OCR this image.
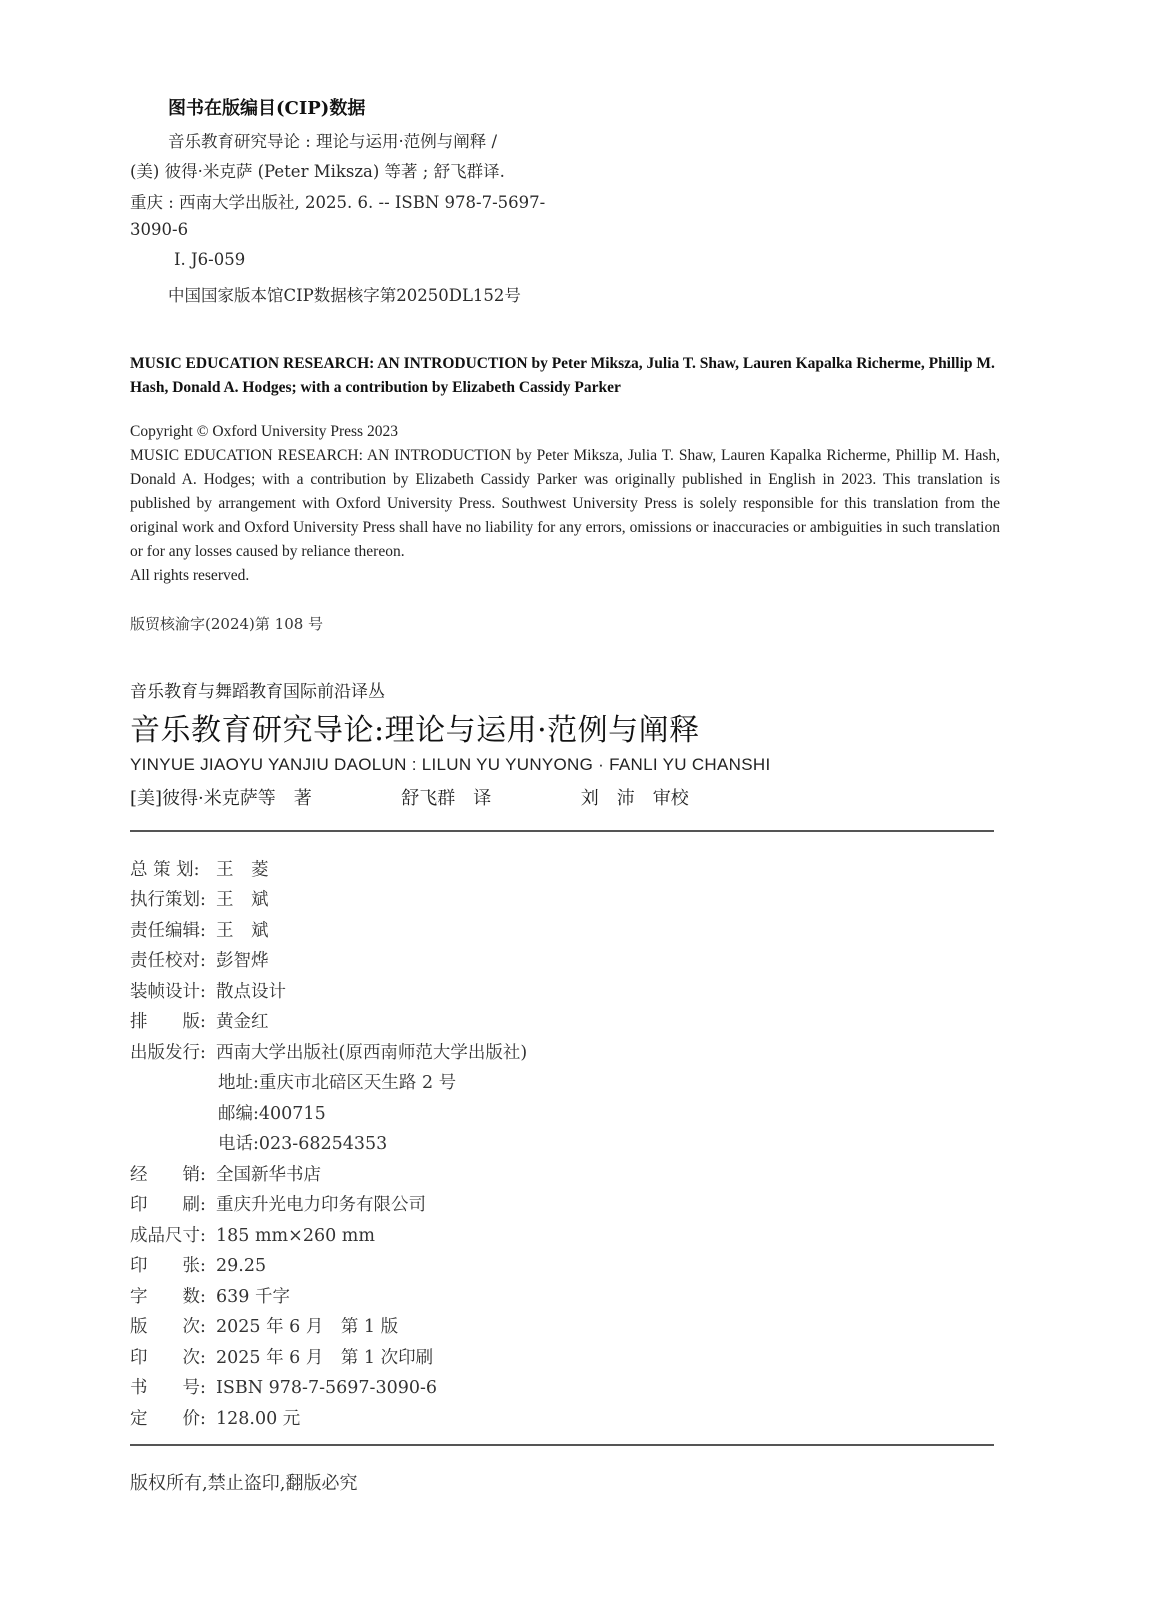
图书在版编目(CIP)数据
音乐教育研究导论 : 理论与运用·范例与阐释 /
(美) 彼得·米克萨 (Peter Miksza) 等著 ; 舒飞群译.
重庆 : 西南大学出版社, 2025. 6. -- ISBN 978-7-5697-
3090-6
Ⅰ. J6-059
中国国家版本馆CIP数据核字第20250DL152号
MUSIC EDUCATION RESEARCH: AN INTRODUCTION by Peter Miksza, Julia T. Shaw, Lauren Kapalka Richerme, Phillip M. Hash, Donald A. Hodges; with a contribution by Elizabeth Cassidy Parker

Copyright © Oxford University Press 2023

MUSIC EDUCATION RESEARCH: AN INTRODUCTION by Peter Miksza, Julia T. Shaw, Lauren Kapalka Richerme, Phillip M. Hash, Donald A. Hodges; with a contribution by Elizabeth Cassidy Parker was originally published in English in 2023. This translation is published by arrangement with Oxford University Press. Southwest University Press is solely responsible for this translation from the original work and Oxford University Press shall have no liability for any errors, omissions or inaccuracies or ambiguities in such translation or for any losses caused by reliance thereon.

All rights reserved.

版贸核渝字(2024)第 108 号
音乐教育与舞蹈教育国际前沿译丛
音乐教育研究导论:理论与运用·范例与阐释
YINYUE JIAOYU YANJIU DAOLUN : LILUN YU YUNYONG · FANLI YU CHANSHI
[美]彼得·米克萨等　著	舒飞群　译	刘　沛　审校
总 策 划: 王　菱
执行策划: 王　斌
责任编辑: 王　斌
责任校对: 彭智烨
装帧设计: 散点设计
排　　版: 黄金红
出版发行: 西南大学出版社(原西南师范大学出版社)
地址:重庆市北碚区天生路 2 号
邮编:400715
电话:023-68254353
经　　销: 全国新华书店
印　　刷: 重庆升光电力印务有限公司
成品尺寸: 185 mm×260 mm
印　　张: 29.25
字　　数: 639 千字
版　　次: 2025 年 6 月　第 1 版
印　　次: 2025 年 6 月　第 1 次印刷
书　　号: ISBN 978-7-5697-3090-6
定　　价: 128.00 元
版权所有,禁止盗印,翻版必究
